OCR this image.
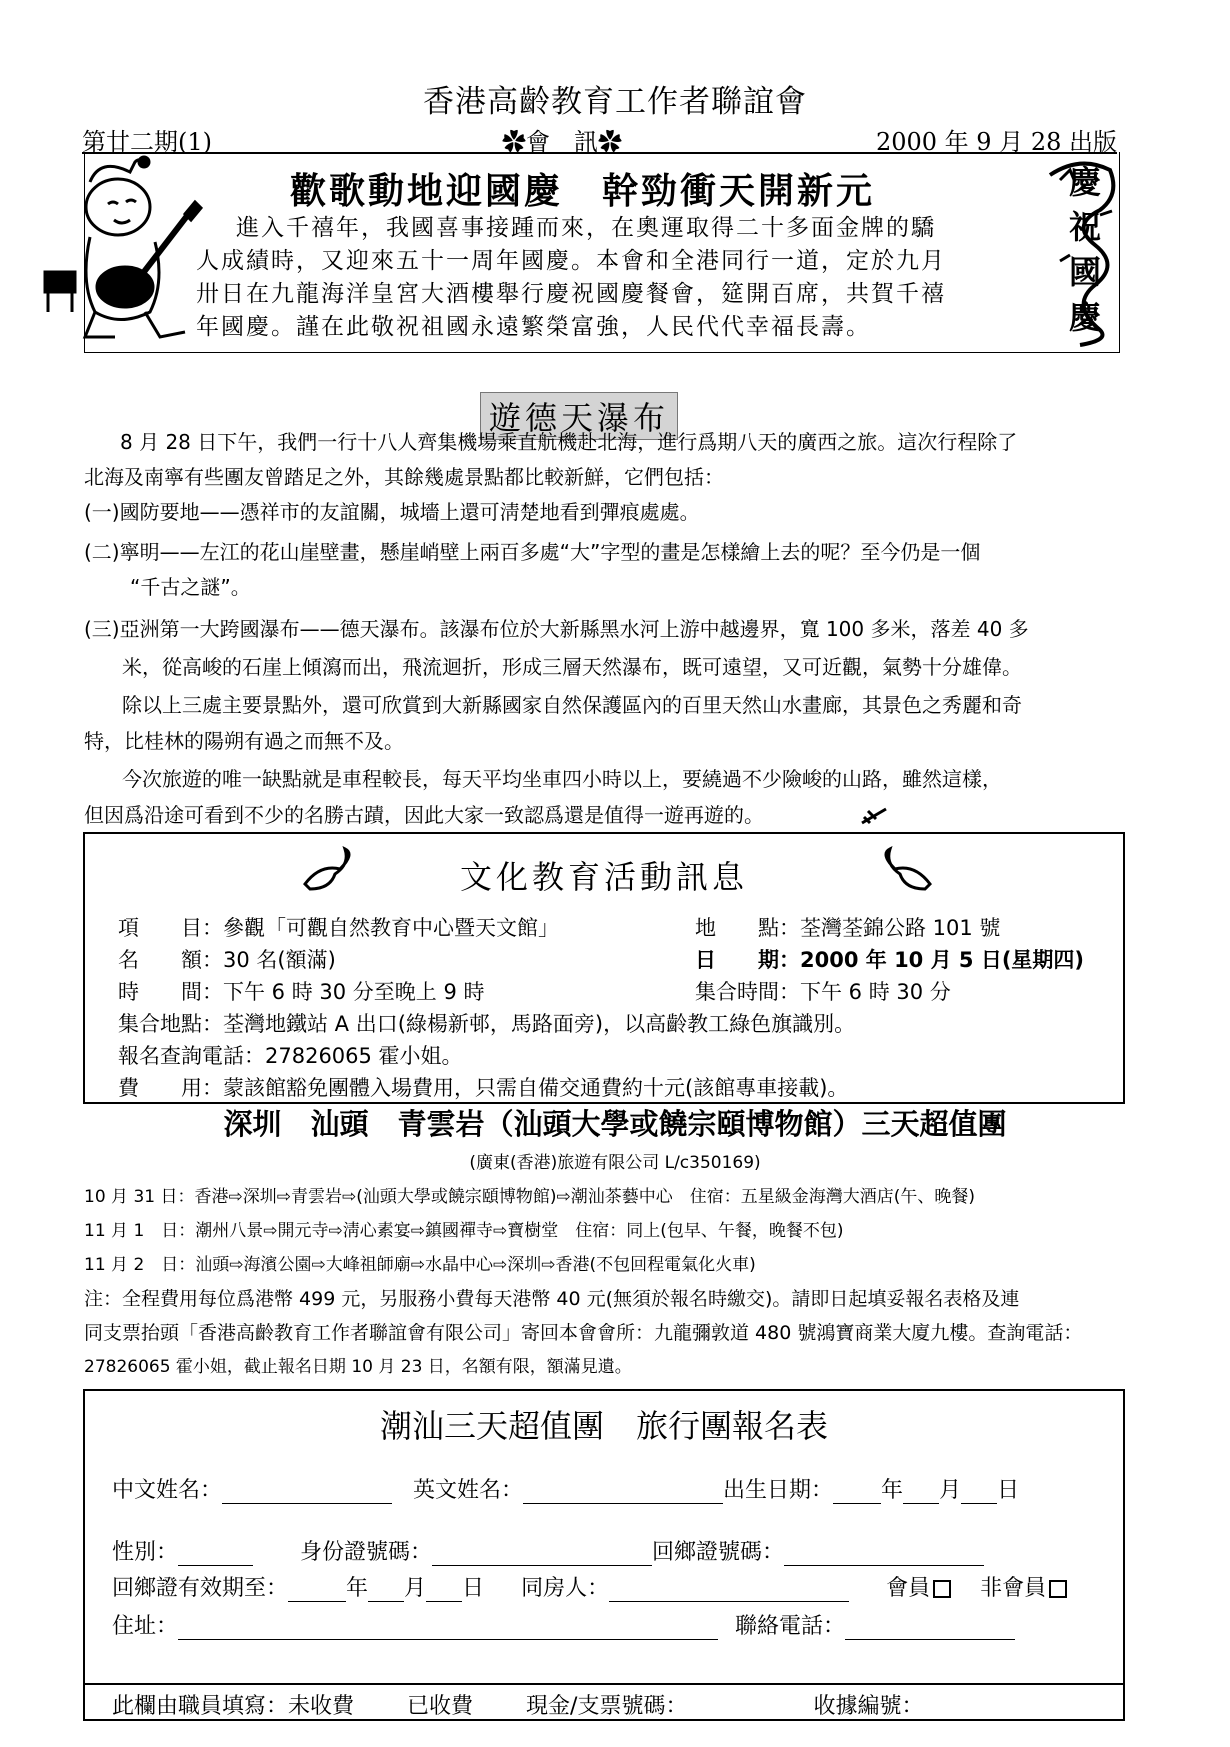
香港高齡教育工作者聯誼會
第廿二期(1)	✿會　訊✿	2000 年 9 月 28 出版
歡歌動地迎國慶　幹勁衝天開新元
進入千禧年，我國喜事接踵而來，在奧運取得二十多面金牌的驕
人成績時，又迎來五十一周年國慶。本會和全港同行一道，定於九月
卅日在九龍海洋皇宮大酒樓舉行慶祝國慶餐會，筵開百席，共賀千禧
年國慶。謹在此敬祝祖國永遠繁榮富強，人民代代幸福長壽。
慶
祝
國
慶
遊德天瀑布
8 月 28 日下午，我們一行十八人齊集機場乘直航機赴北海，進行爲期八天的廣西之旅。這次行程除了
北海及南寧有些團友曾踏足之外，其餘幾處景點都比較新鮮，它們包括：
(一)國防要地——憑祥市的友誼關，城墻上還可淸楚地看到彈痕處處。
(二)寧明——左江的花山崖壁畫，懸崖峭壁上兩百多處“大”字型的畫是怎樣繪上去的呢？至今仍是一個
“千古之謎”。
(三)亞洲第一大跨國瀑布——德天瀑布。該瀑布位於大新縣黑水河上游中越邊界，寬 100 多米，落差 40 多
米，從高峻的石崖上傾瀉而出，飛流迴折，形成三層天然瀑布，既可遠望，又可近觀，氣勢十分雄偉。
除以上三處主要景點外，還可欣賞到大新縣國家自然保護區內的百里天然山水畫廊，其景色之秀麗和奇
特，比桂林的陽朔有過之而無不及。
今次旅遊的唯一缺點就是車程較長，每天平均坐車四小時以上，要繞過不少險峻的山路，雖然這樣，
但因爲沿途可看到不少的名勝古蹟，因此大家一致認爲還是值得一遊再遊的。
文化教育活動訊息
項　　目：參觀「可觀自然教育中心暨天文館」	地　　點：荃灣荃錦公路 101 號
名　　額：30 名(額滿)	日　　期：2000 年 10 月 5 日(星期四)
時　　間：下午 6 時 30 分至晚上 9 時	集合時間：下午 6 時 30 分
集合地點：荃灣地鐵站 A 出口(綠楊新邨，馬路面旁)，以高齡教工綠色旗識別。
報名查詢電話：27826065 霍小姐。
費　　用：蒙該館豁免團體入場費用，只需自備交通費約十元(該館專車接載)。
深圳　汕頭　青雲岩（汕頭大學或饒宗頤博物館）三天超值團
(廣東(香港)旅遊有限公司 L/c350169)
10 月 31 日：香港⇨深圳⇨青雲岩⇨(汕頭大學或饒宗頤博物館)⇨潮汕茶藝中心　住宿：五星級金海灣大酒店(午、晚餐)
11 月 1　日：潮州八景⇨開元寺⇨淸心素宴⇨鎮國禪寺⇨寶樹堂　住宿：同上(包早、午餐，晚餐不包)
11 月 2　日：汕頭⇨海濱公園⇨大峰祖師廟⇨水晶中心⇨深圳⇨香港(不包回程電氣化火車)
注：全程費用每位爲港幣 499 元，另服務小費每天港幣 40 元(無須於報名時繳交)。請即日起填妥報名表格及連
同支票抬頭「香港高齡教育工作者聯誼會有限公司」寄回本會會所：九龍彌敦道 480 號鴻寶商業大廈九樓。查詢電話：
27826065 霍小姐，截止報名日期 10 月 23 日，名額有限，額滿見遺。
潮汕三天超值團　旅行團報名表
中文姓名：	英文姓名：	出生日期： 年 月 日
性別：	身份證號碼：	回鄉證號碼：
回鄉證有效期至：	年 月 日 同房人：	會員 非會員
住址：	聯絡電話：
此欄由職員填寫：未收費 已收費 現金/支票號碼：	收據編號：
